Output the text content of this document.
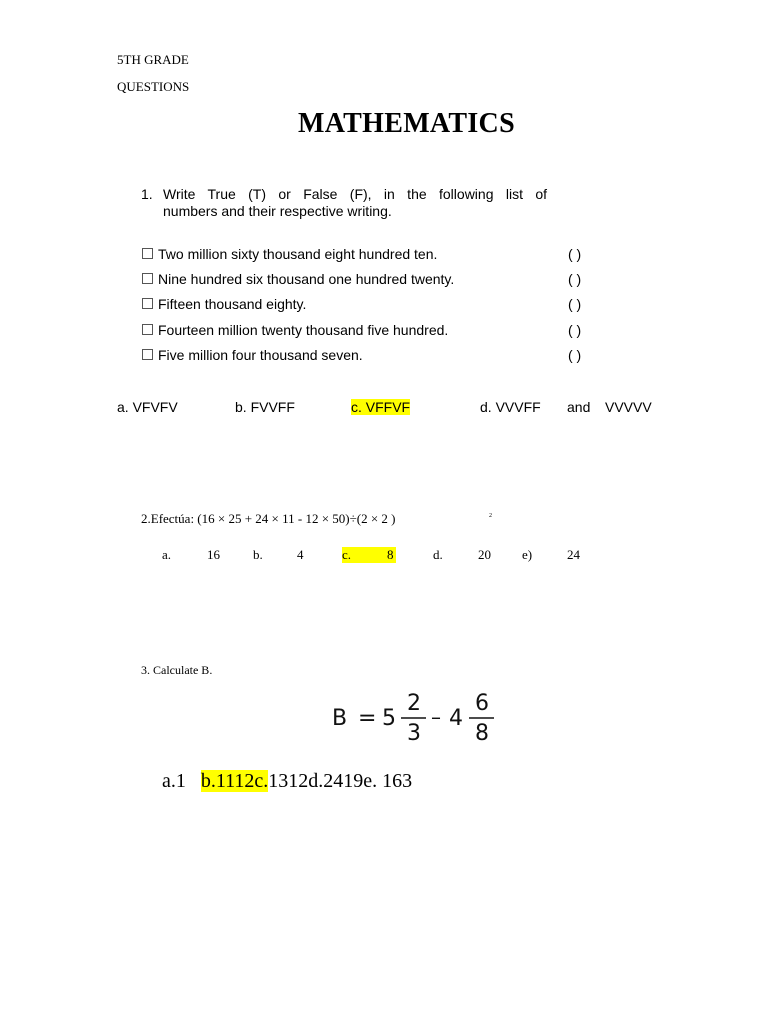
5TH GRADE
QUESTIONS
MATHEMATICS
1. Write True (T) or False (F), in the following list of
numbers and their respective writing.
Two million sixty thousand eight hundred ten.	( )
Nine hundred six thousand one hundred twenty.	( )
Fifteen thousand eighty.	( )
Fourteen million twenty thousand five hundred.	( )
Five million four thousand seven.	( )
a. VFVFV	b. FVVFF	c. VFFVF	d. VVVFF and VVVVV
2.Efectúa: (16 × 25 + 24 × 11 - 12 × 50)÷(2 × 2 )	2
a.	16	b.	4	c.	8	d.	20 e)	24
3. Calculate B.
B = 5
2
3
– 4
6
8
a.1   b.1112c.1312d.2419e. 163
